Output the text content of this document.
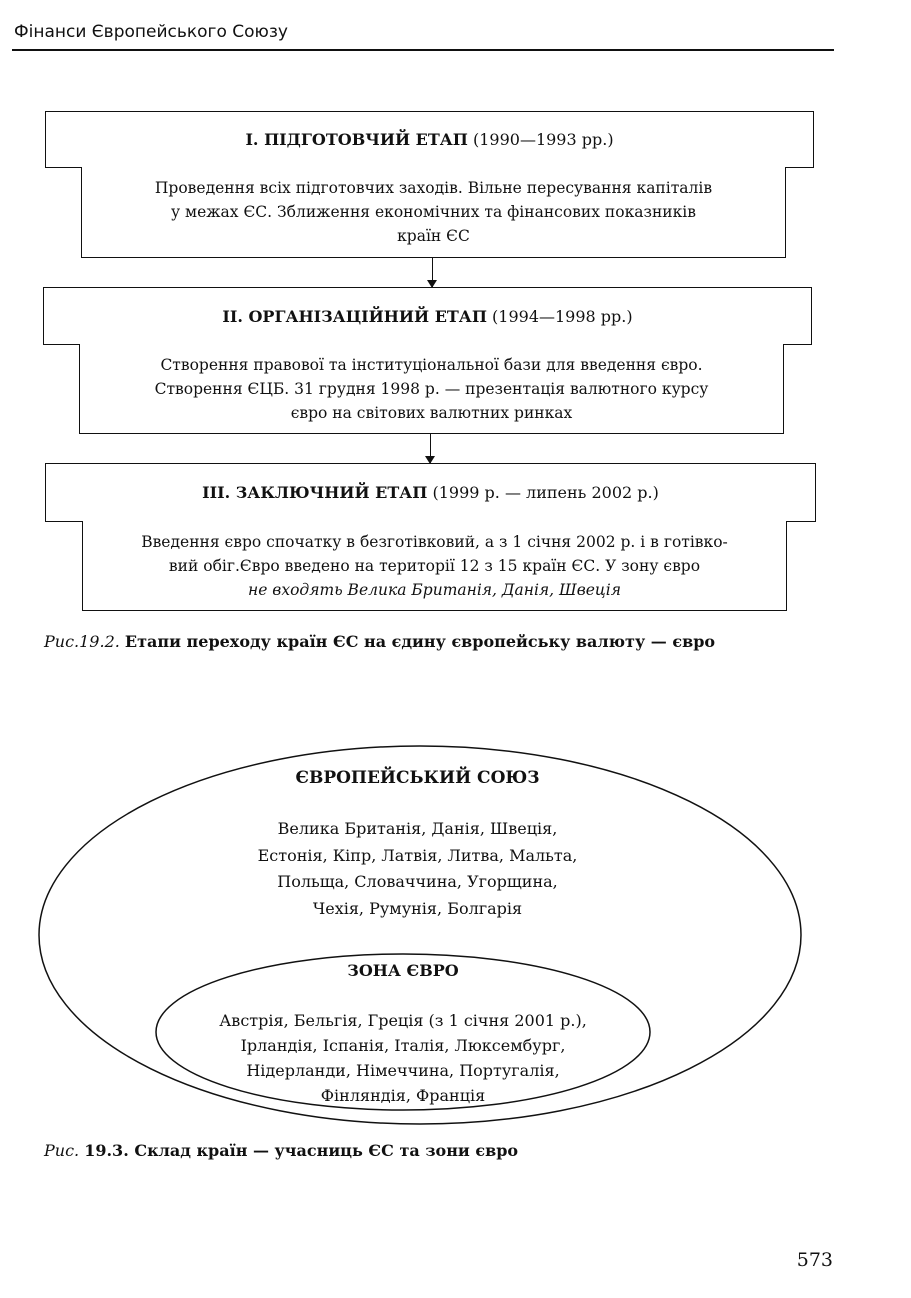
Фінанси Європейського Союзу
I. ПІДГОТОВЧИЙ ЕТАП (1990—1993 рр.)
Проведення всіх підготовчих заходів. Вільне пересування капіталів
у межах ЄС. Зближення економічних та фінансових показників
країн ЄС
II. ОРГАНІЗАЦІЙНИЙ ЕТАП (1994—1998 рр.)
Створення правової та інституціональної бази для введення євро.
Створення ЄЦБ. 31 грудня 1998 р. — презентація валютного курсу
євро на світових валютних ринках
III. ЗАКЛЮЧНИЙ ЕТАП (1999 р. — липень 2002 р.)
Введення євро спочатку в безготівковий, а з 1 січня 2002 р. і в готівко-
вий обіг.Євро введено на території 12 з 15 країн ЄС. У зону євро
не входять Велика Британія, Данія, Швеція
Рис.19.2. Етапи переходу країн ЄС на єдину європейську валюту — євро
ЄВРОПЕЙСЬКИЙ СОЮЗ
Велика Британія, Данія, Швеція,
Естонія, Кіпр, Латвія, Литва, Мальта,
Польща, Словаччина, Угорщина,
Чехія, Румунія, Болгарія
ЗОНА ЄВРО
Австрія, Бельгія, Греція (з 1 січня 2001 р.),
Ірландія, Іспанія, Італія, Люксембург,
Нідерланди, Німеччина, Португалія,
Фінляндія, Франція
Рис. 19.3. Склад країн — учасниць ЄС та зони євро
573
